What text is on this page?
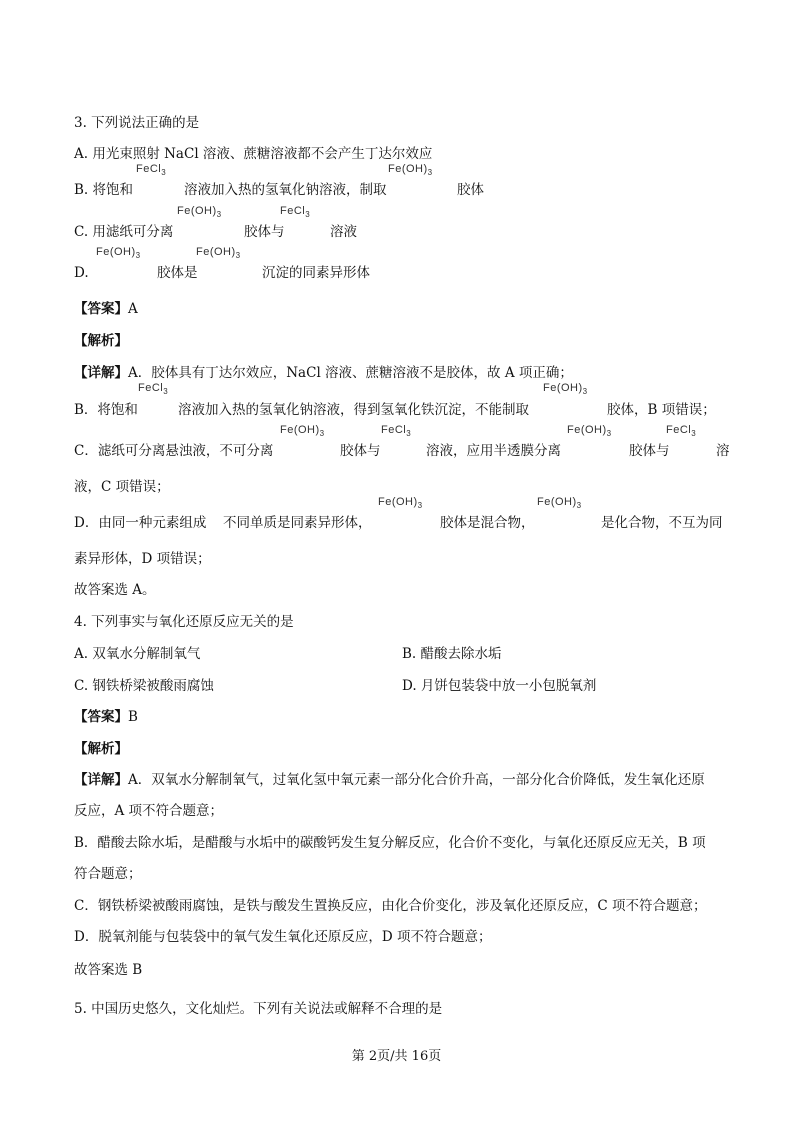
3. 下列说法正确的是
A. 用光束照射 NaCl 溶液、蔗糖溶液都不会产生丁达尔效应
FeCl$_3$	$Fe(OH)_3$
B. 将饱和	溶液加入热的氢氧化钠溶液，制取	胶体
$Fe(OH)_3$	FeCl$_3$
C. 用滤纸可分离	胶体与	溶液
$Fe(OH)_3$	$Fe(OH)_3$
D.	胶体是	沉淀的同素异形体
【答案】A
【解析】
【详解】A．胶体具有丁达尔效应，NaCl 溶液、蔗糖溶液不是胶体，故 A 项正确；
FeCl$_3$	$Fe(OH)_3$
B．将饱和	溶液加入热的氢氧化钠溶液，得到氢氧化铁沉淀，不能制取	胶体，B 项错误；
$Fe(OH)_3$	FeCl$_3$	$Fe(OH)_3$	FeCl$_3$
C．滤纸可分离悬浊液，不可分离	胶体与	溶液，应用半透膜分离	胶体与	溶
液，C 项错误；
$Fe(OH)_3$	$Fe(OH)_3$
D．由同一种元素组成 不同单质是同素异形体，	胶体是混合物，	是化合物，不互为同
素异形体，D 项错误；
故答案选 A。
4. 下列事实与氧化还原反应无关的是
A. 双氧水分解制氧气	B. 醋酸去除水垢
C. 钢铁桥梁被酸雨腐蚀	D. 月饼包装袋中放一小包脱氧剂
【答案】B
【解析】
【详解】A．双氧水分解制氧气，过氧化氢中氧元素一部分化合价升高，一部分化合价降低，发生氧化还原
反应，A 项不符合题意；
B．醋酸去除水垢，是醋酸与水垢中的碳酸钙发生复分解反应，化合价不变化，与氧化还原反应无关，B 项
符合题意；
C．钢铁桥梁被酸雨腐蚀，是铁与酸发生置换反应，由化合价变化，涉及氧化还原反应，C 项不符合题意；
D．脱氧剂能与包装袋中的氧气发生氧化还原反应，D 项不符合题意；
故答案选 B
5. 中国历史悠久，文化灿烂。下列有关说法或解释不合理的是
第 2页/共 16页
